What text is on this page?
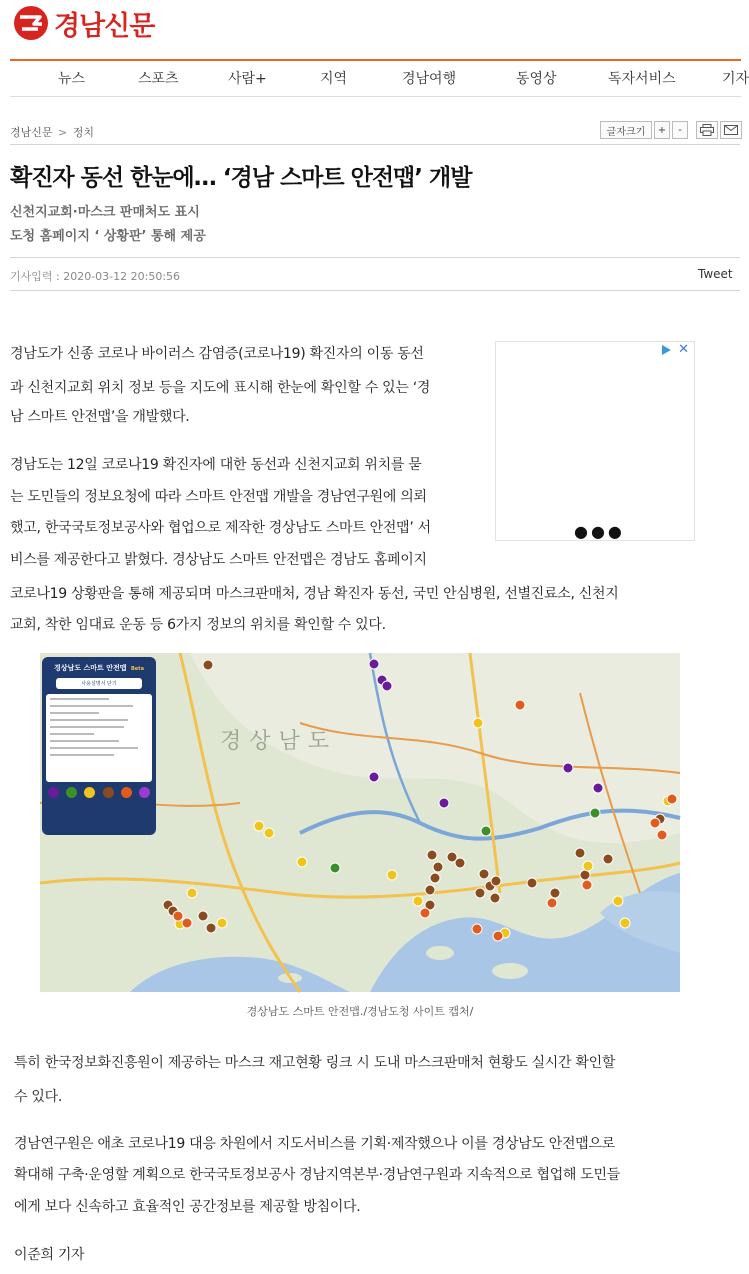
경남신문
뉴스	스포츠	사람+	지역	경남여행	동영상	독자서비스	기자
경남신문 > 정치	글자크기	+	-
확진자 동선 한눈에… ‘경남 스마트 안전맵’ 개발
신천지교회·마스크 판매처도 표시
도청 홈페이지 ‘ 상황판’ 통해 제공
기사입력 : 2020-03-12 20:50:56	Tweet
경남도가 신종 코로나 바이러스 감염증(코로나19) 확진자의 이동 동선
과 신천지교회 위치 정보 등을 지도에 표시해 한눈에 확인할 수 있는 ‘경
남 스마트 안전맵’을 개발했다.
경남도는 12일 코로나19 확진자에 대한 동선과 신천지교회 위치를 묻
는 도민들의 정보요청에 따라 스마트 안전맵 개발을 경남연구원에 의뢰
했고, 한국국토정보공사와 협업으로 제작한 경상남도 스마트 안전맵’ 서
비스를 제공한다고 밝혔다. 경상남도 스마트 안전맵은 경남도 홈페이지
코로나19 상황판을 통해 제공되며 마스크판매처, 경남 확진자 동선, 국민 안심병원, 선별진료소, 신천지
교회, 착한 임대료 운동 등 6가지 정보의 위치를 확인할 수 있다.
✕
●●●
경상남도
경상남도 스마트 안전맵 Beta
사용설명서 닫기
경상남도 스마트 안전맵./경남도청 사이트 캡처/
특히 한국정보화진흥원이 제공하는 마스크 재고현황 링크 시 도내 마스크판매처 현황도 실시간 확인할
수 있다.
경남연구원은 애초 코로나19 대응 차원에서 지도서비스를 기획·제작했으나 이를 경상남도 안전맵으로
확대해 구축·운영할 계획으로 한국국토정보공사 경남지역본부·경남연구원과 지속적으로 협업해 도민들
에게 보다 신속하고 효율적인 공간정보를 제공할 방침이다.
이준희 기자
